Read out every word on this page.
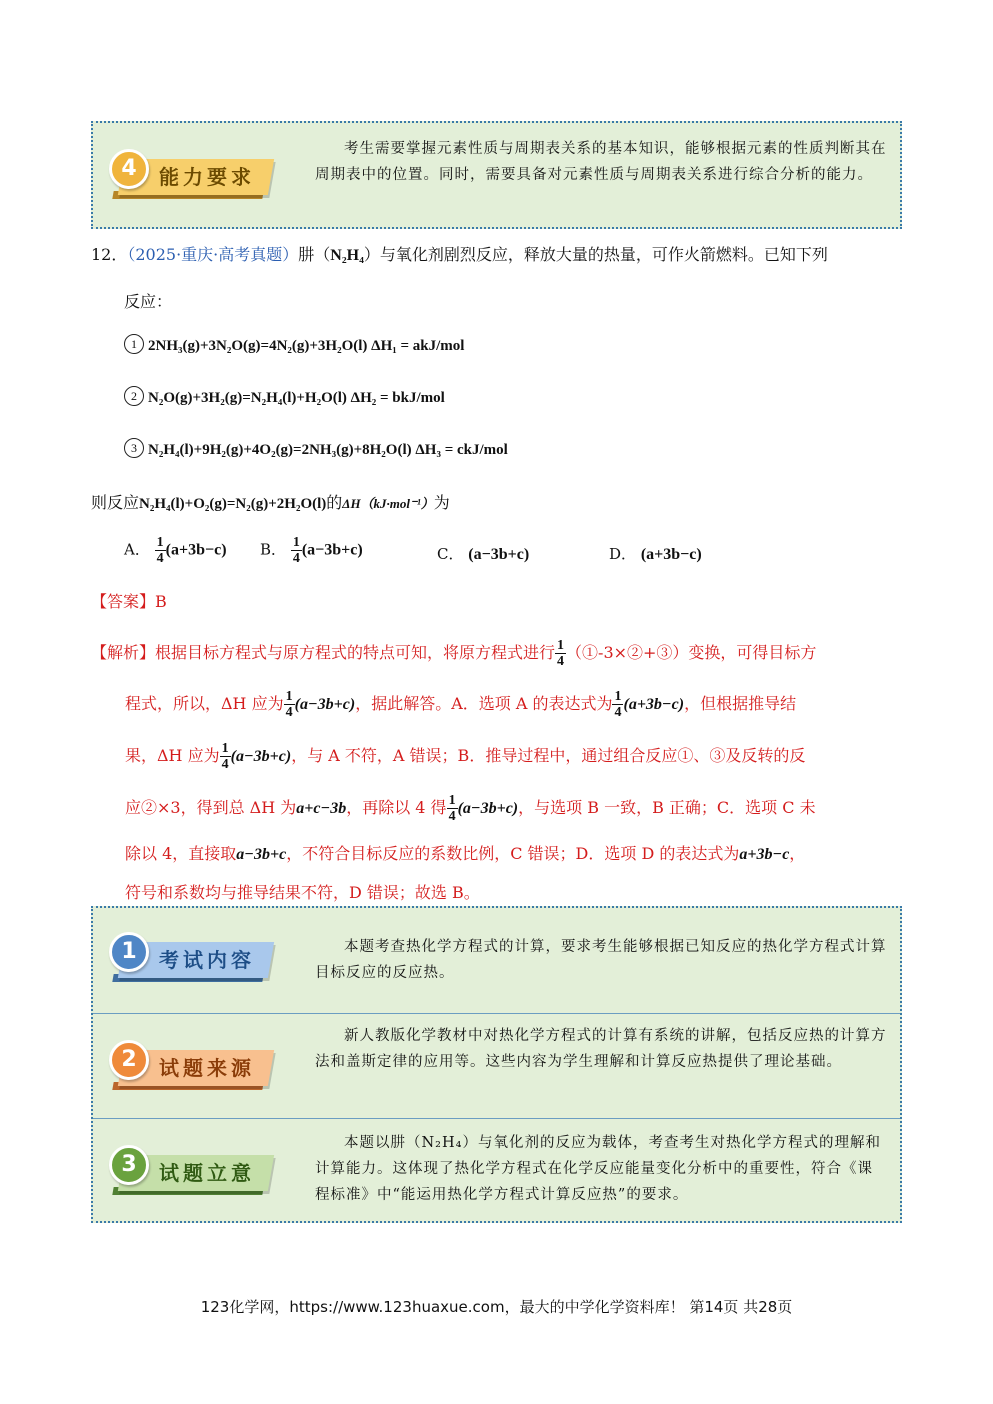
4	能力要求
考生需要掌握元素性质与周期表关系的基本知识，能够根据元素的性质判断其在周期表中的位置。同时，需要具备对元素性质与周期表关系进行综合分析的能力。
12．（2025·重庆·高考真题）肼（N₂H₄）与氧化剂剧烈反应，释放大量的热量，可作火箭燃料。已知下列
反应：
1 2NH₃(g)+3N₂O(g)=4N₂(g)+3H₂O(l) ΔH₁ = akJ/mol
2 N₂O(g)+3H₂(g)=N₂H₄(l)+H₂O(l) ΔH₂ = bkJ/mol
3 N₂H₄(l)+9H₂(g)+4O₂(g)=2NH₃(g)+8H₂O(l) ΔH₃ = ckJ/mol
则反应N₂H₄(l)+O₂(g)=N₂(g)+2H₂O(l)的ΔH（kJ·mol⁻¹）为
A． $\frac{1}{4} (a+3b-c)$ B． $\frac{1}{4} (a-3b+c)$	C． (a−3b+c)	D． (a+3b−c)
【答案】B
【解析】根据目标方程式与原方程式的特点可知，将原方程式进行 $\frac{1}{4}$ （①-3×②+③）变换，可得目标方
程式，所以，ΔH 应为 $\frac{1}{4} (a-3b+c)$，据此解答。A．选项 A 的表达式为 $\frac{1}{4} (a+3b-c)$，但根据推导结
果，ΔH 应为 $\frac{1}{4} (a-3b+c)$，与 A 不符，A 错误；B．推导过程中，通过组合反应①、③及反转的反
应②×3，得到总 ΔH 为a+c−3b，再除以 4 得 $\frac{1}{4} (a-3b+c)$，与选项 B 一致，B 正确；C．选项 C 未
除以 4，直接取a−3b+c，不符合目标反应的系数比例，C 错误；D．选项 D 的表达式为a+3b−c，
符号和系数均与推导结果不符，D 错误；故选 B。
1	考试内容
本题考查热化学方程式的计算，要求考生能够根据已知反应的热化学方程式计算目标反应的反应热。
2	试题来源
新人教版化学教材中对热化学方程式的计算有系统的讲解，包括反应热的计算方法和盖斯定律的应用等。这些内容为学生理解和计算反应热提供了理论基础。
3	试题立意
本题以肼（N₂H₄）与氧化剂的反应为载体，考查考生对热化学方程式的理解和计算能力。这体现了热化学方程式在化学反应能量变化分析中的重要性，符合《课程标准》中“能运用热化学方程式计算反应热”的要求。
123化学网，https://www.123huaxue.com，最大的中学化学资料库！ 第14页 共28页
